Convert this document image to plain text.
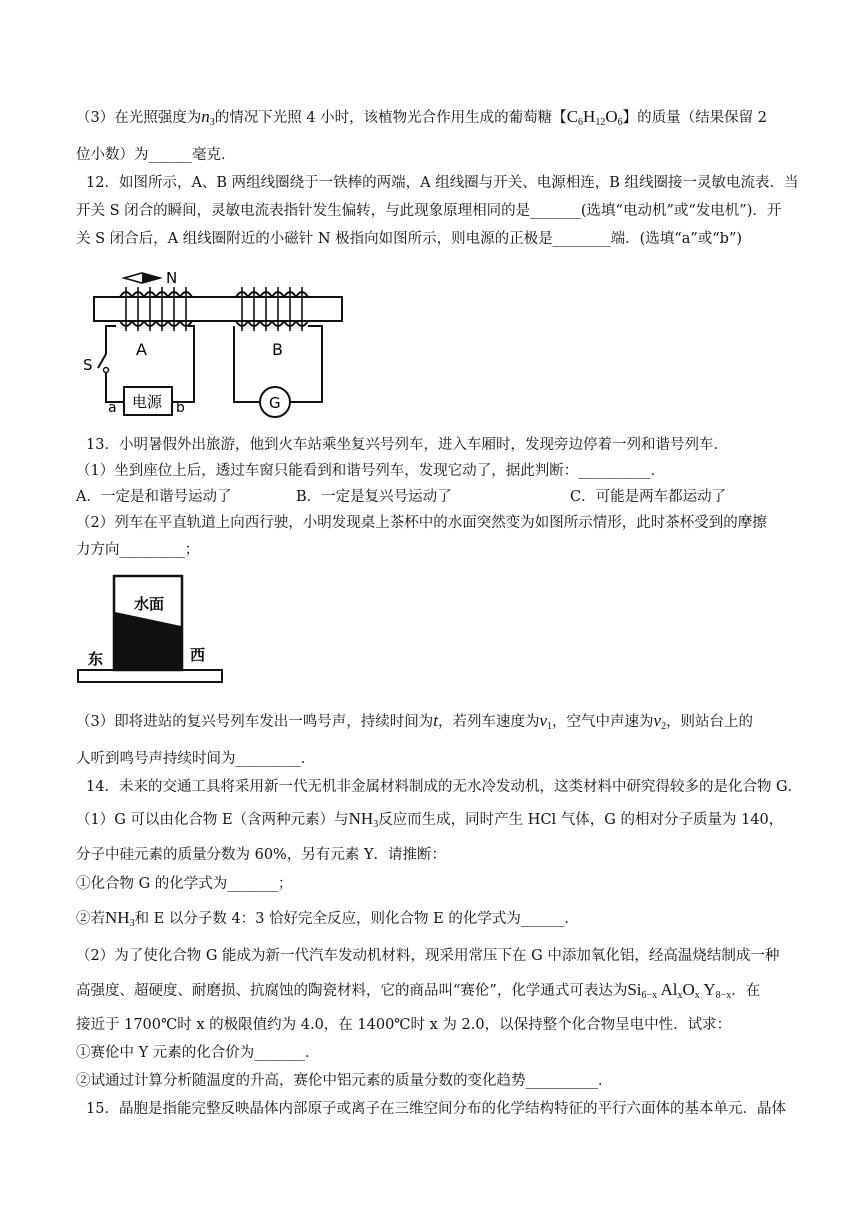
（3）在光照强度为$n_3$的情况下光照 4 小时，该植物光合作用生成的葡萄糖【$C_6H_{12}O_6$】的质量（结果保留 2
位小数）为______毫克．
12．如图所示，A、B 两组线圈绕于一铁棒的两端，A 组线圈与开关、电源相连，B 组线圈接一灵敏电流表．当
开关 S 闭合的瞬间，灵敏电流表指针发生偏转，与此现象原理相同的是_______(选填“电动机”或“发电机”)．开
关 S 闭合后，A 组线圈附近的小磁针 N 极指向如图所示，则电源的正极是________端．(选填“a”或“b”)
N
A	B
S
电源
a	b	G
13．小明暑假外出旅游，他到火车站乘坐复兴号列车，进入车厢时，发现旁边停着一列和谐号列车．
（1）坐到座位上后，透过车窗只能看到和谐号列车，发现它动了，据此判断：__________．
A．一定是和谐号运动了	B．一定是复兴号运动了	C．可能是两车都运动了
（2）列车在平直轨道上向西行驶，小明发现桌上茶杯中的水面突然变为如图所示情形，此时茶杯受到的摩擦
力方向_________；
水面
东	西
（3）即将进站的复兴号列车发出一鸣号声，持续时间为t，若列车速度为$v_1$，空气中声速为$v_2$，则站台上的
人听到鸣号声持续时间为_________．
14．未来的交通工具将采用新一代无机非金属材料制成的无水冷发动机，这类材料中研究得较多的是化合物 G．
（1）G 可以由化合物 E（含两种元素）与$NH_3$反应而生成，同时产生 HCl 气体，G 的相对分子质量为 140，
分子中硅元素的质量分数为 60%，另有元素 Y．请推断：
①化合物 G 的化学式为_______；
②若$NH_3$和 E 以分子数 4：3 恰好完全反应，则化合物 E 的化学式为______．
（2）为了使化合物 G 能成为新一代汽车发动机材料，现采用常压下在 G 中添加氧化铝，经高温烧结制成一种
高强度、超硬度、耐磨损、抗腐蚀的陶瓷材料，它的商品叫“赛伦”，化学通式可表达为$Si_{6-x}$ $Al_xO_x$ $Y_{8-x}$．在
接近于 1700℃时 x 的极限值约为 4.0，在 1400℃时 x 为 2.0，以保持整个化合物呈电中性．试求：
①赛伦中 Y 元素的化合价为_______．
②试通过计算分析随温度的升高，赛伦中铝元素的质量分数的变化趋势__________．
15．晶胞是指能完整反映晶体内部原子或离子在三维空间分布的化学结构特征的平行六面体的基本单元．晶体
